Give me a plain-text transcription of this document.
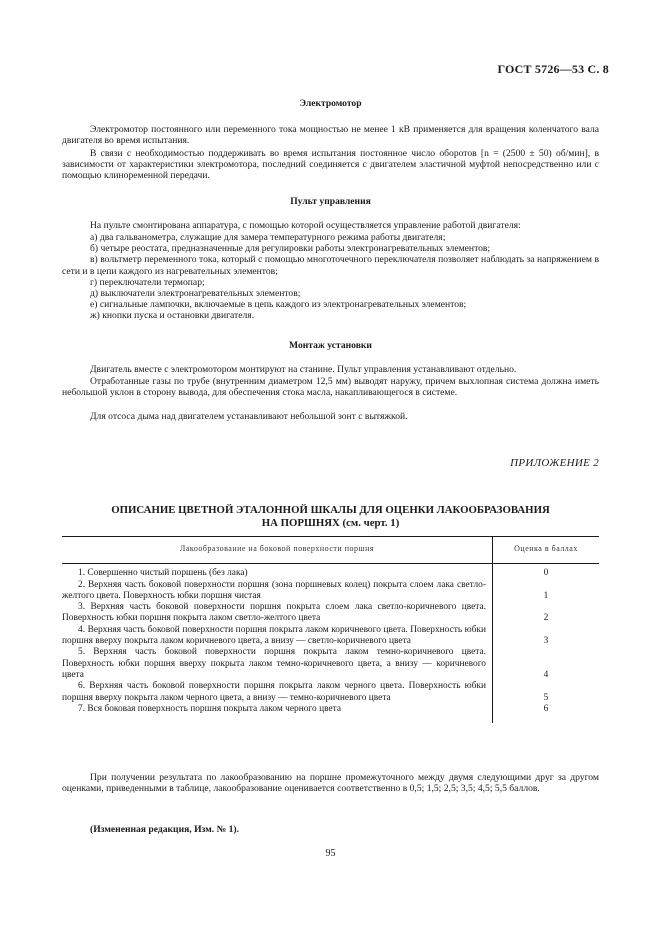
ГОСТ 5726—53 С. 8
Электромотор
Электромотор постоянного или переменного тока мощностью не менее 1 кВ применяется для вращения коленчатого вала двигателя во время испытания.
В связи с необходимостью поддерживать во время испытания постоянное число оборотов [n = (2500 ± 50) об/мин], в зависимости от характеристики электромотора, последний соединяется с двигателем эластичной муфтой непосредственно или с помощью клиноременной передачи.
Пульт управления
На пульте смонтирована аппаратура, с помощью которой осуществляется управление работой двигателя:
а) два гальванометра, служащие для замера температурного режима работы двигателя;
б) четыре реостата, предназначенные для регулировки работы электронагревательных элементов;
в) вольтметр переменного тока, который с помощью многоточечного переключателя позволяет наблюдать за напряжением в сети и в цепи каждого из нагревательных элементов;
г) переключатели термопар;
д) выключатели электронагревательных элементов;
е) сигнальные лампочки, включаемые в цепь каждого из электронагревательных элементов;
ж) кнопки пуска и остановки двигателя.
Монтаж установки
Двигатель вместе с электромотором монтируют на станине. Пульт управления устанавливают отдельно.
Отработанные газы по трубе (внутренним диаметром 12,5 мм) выводят наружу, причем выхлопная система должна иметь небольшой уклон в сторону вывода, для обеспечения стока масла, накапливающегося в системе.
Для отсоса дыма над двигателем устанавливают небольшой зонт с вытяжкой.
ПРИЛОЖЕНИЕ 2
ОПИСАНИЕ ЦВЕТНОЙ ЭТАЛОННОЙ ШКАЛЫ ДЛЯ ОЦЕНКИ ЛАКООБРАЗОВАНИЯ
НА ПОРШНЯХ (см. черт. 1)

Лакообразование на боковой поверхности поршня	Оценка в баллах
1. Совершенно чистый поршень (без лака)	0
2. Верхняя часть боковой поверхности поршня (зона поршневых колец) покрыта слоем лака светло-желтого цвета. Поверхность юбки поршня чистая	1
3. Верхняя часть боковой поверхности поршня покрыта слоем лака светло-коричневого цвета. Поверхность юбки поршня покрыта лаком светло-желтого цвета	2
4. Верхняя часть боковой поверхности поршня покрыта лаком коричневого цвета. Поверхность юбки поршня вверху покрыта лаком коричневого цвета, а внизу — светло-коричневого цвета	3
5. Верхняя часть боковой поверхности поршня покрыта лаком темно-коричневого цвета. Поверхность юбки поршня вверху покрыта лаком темно-коричневого цвета, а внизу — коричневого цвета	4
6. Верхняя часть боковой поверхности поршня покрыта лаком черного цвета. Поверхность юбки поршня вверху покрыта лаком черного цвета, а внизу — темно-коричневого цвета	5
7. Вся боковая поверхность поршня покрыта лаком черного цвета	6
При получении результата по лакообразованию на поршне промежуточного между двумя следующими друг за другом оценками, приведенными в таблице, лакообразование оценивается соответственно в 0,5; 1,5; 2,5; 3,5; 4,5; 5,5 баллов.
(Измененная редакция, Изм. № 1).
95
